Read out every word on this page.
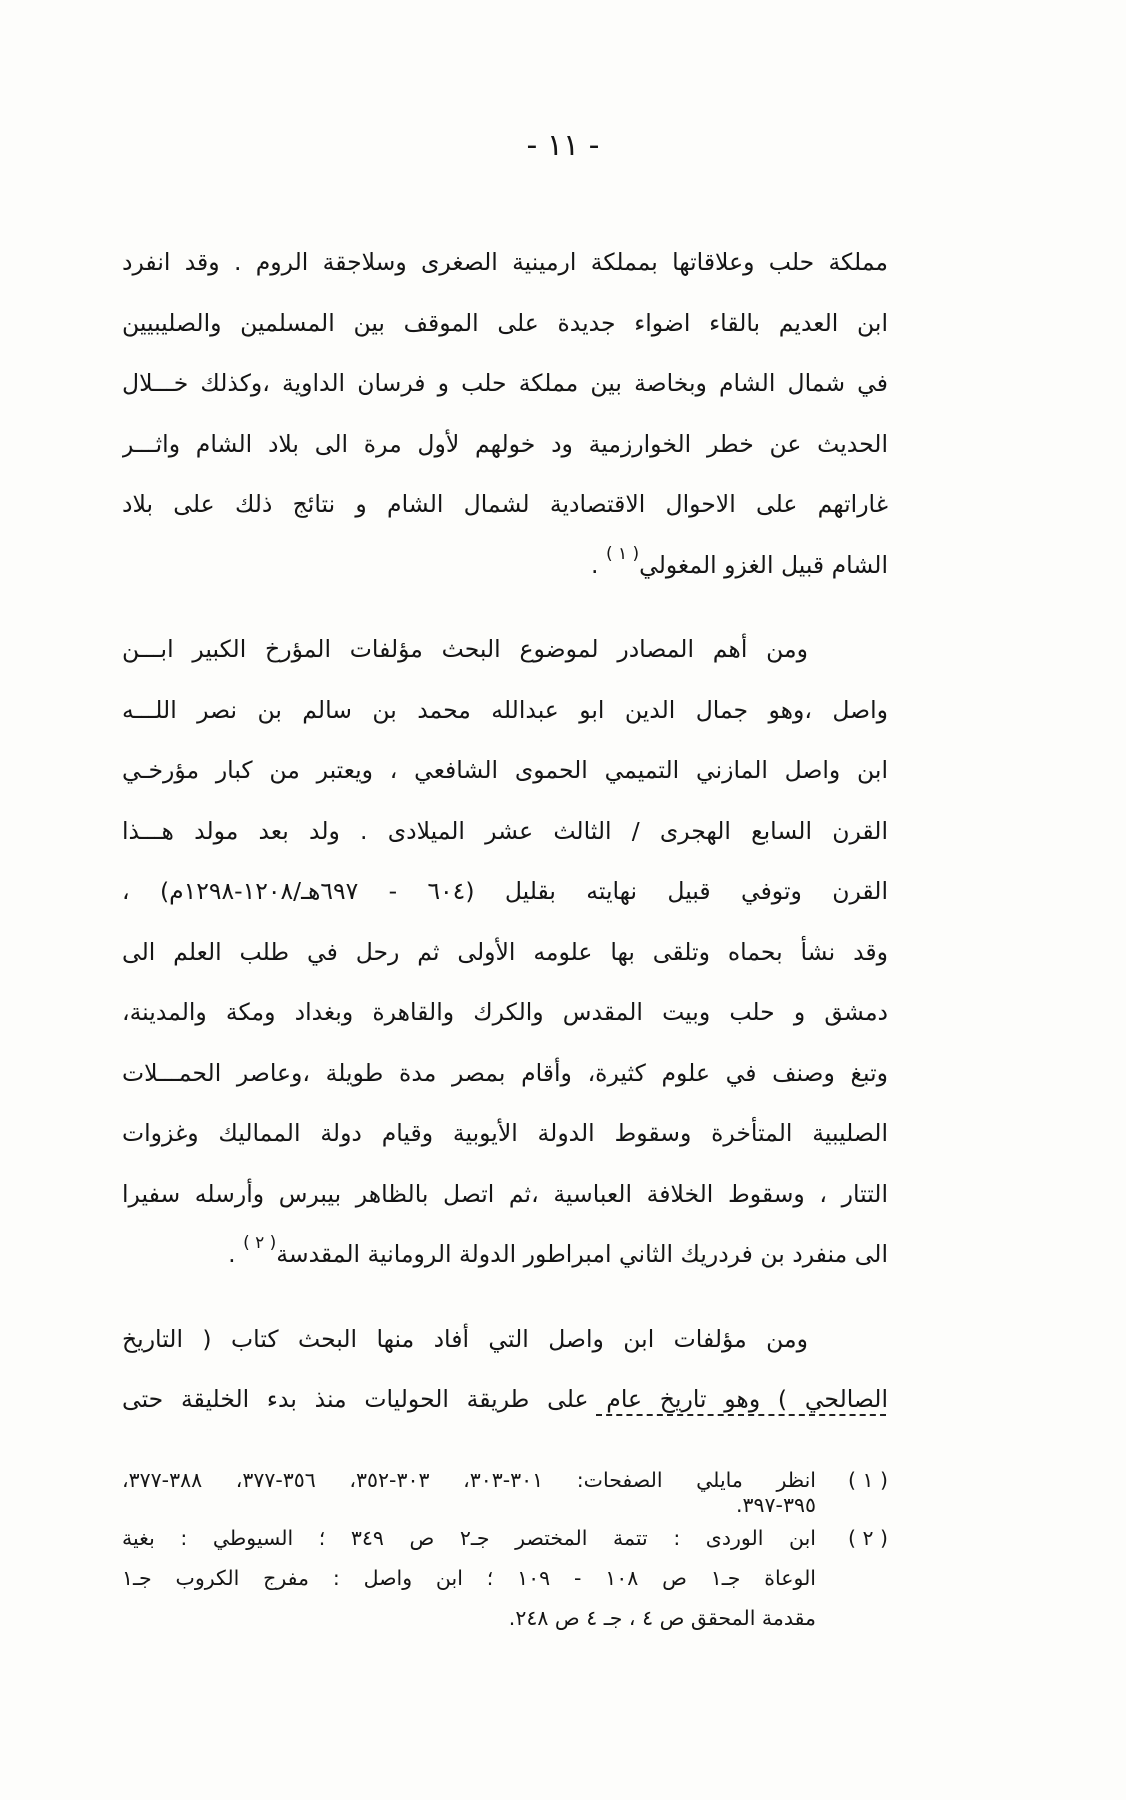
- ١١ -
مملكة حلب وعلاقاتها بمملكة ارمينية الصغرى وسلاجقة الروم . وقد انفرد
ابن العديم بالقاء اضواء جديدة على الموقف بين المسلمين والصليبيين
في شمال الشام وبخاصة بين مملكة حلب و فرسان الداوية ،وكذلك خـــلال
الحديث عن خطر الخوارزمية ود خولهم لأول مرة الى بلاد الشام واثـــر
غاراتهم على الاحوال الاقتصادية لشمال الشام و نتائج ذلك على بلاد
الشام قبيل الغزو المغولي$^{( ١ )}$ .
ومن أهم المصادر لموضوع البحث مؤلفات المؤرخ الكبير ابـــن
واصل ،وهو جمال الدين ابو عبدالله محمد بن سالم بن نصر اللـــه
ابن واصل المازني التميمي الحموى الشافعي ، ويعتبر من كبار مؤرخـي
القرن السابع الهجرى / الثالث عشر الميلادى . ولد بعد مولد هـــذا
القرن وتوفي قبيل نهايته بقليل (٦٠٤ - ٦٩٧هـ/١٢٠٨-١٢٩٨م) ،
وقد نشأ بحماه وتلقى بها علومه الأولى ثم رحل في طلب العلم الى
دمشق و حلب وبيت المقدس والكرك والقاهرة وبغداد ومكة والمدينة،
وتبغ وصنف في علوم كثيرة، وأقام بمصر مدة طويلة ،وعاصر الحمـــلات
الصليبية المتأخرة وسقوط الدولة الأيوبية وقيام دولة المماليك وغزوات
التتار ، وسقوط الخلافة العباسية ،ثم اتصل بالظاهر بيبرس وأرسله سفيرا
الى منفرد بن فردريك الثاني امبراطور الدولة الرومانية المقدسة$^{( ٢ )}$ .
ومن مؤلفات ابن واصل التي أفاد منها البحث كتاب ( التاريخ
الصالحي ) وهو تاريخ عام على طريقة الحوليات منذ بدء الخليقة حتى
( ١ )
انظر مايلي الصفحات: ٣٠١-٣٠٣، ٣٠٣-٣٥٢، ٣٥٦-٣٧٧، ٣٨٨-٣٧٧،
٣٩٥-٣٩٧.
( ٢ )
ابن الوردى : تتمة المختصر جـ٢ ص ٣٤٩ ؛ السيوطي : بغية
الوعاة جـ١ ص ١٠٨ - ١٠٩ ؛ ابن واصل : مفرج الكروب جـ١
مقدمة المحقق ص ٤ ، جـ ٤ ص ٢٤٨.
